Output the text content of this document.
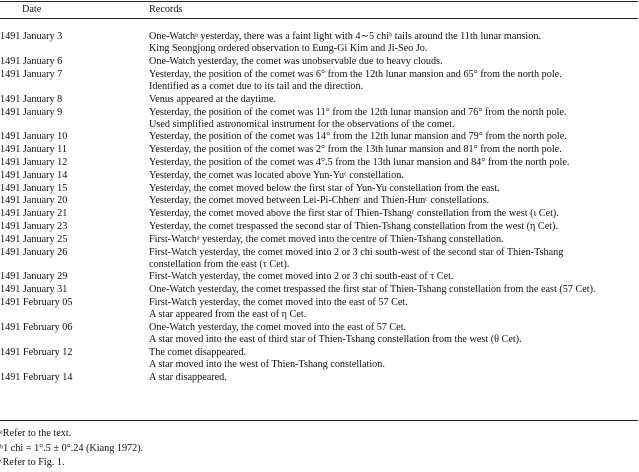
Date	Records
1491 January 3	One-Watchᵃ yesterday, there was a faint light with 4∼5 chiᵇ tails around the 11th lunar mansion.
King Seongjong ordered observation to Eung-Gi Kim and Ji-Seo Jo.
1491 January 6	One-Watch yesterday, the comet was unobservable due to heavy clouds.
1491 January 7	Yesterday, the position of the comet was 6° from the 12th lunar mansion and 65° from the north pole.
Identified as a comet due to its tail and the direction.
1491 January 8	Venus appeared at the daytime.
1491 January 9	Yesterday, the position of the comet was 11° from the 12th lunar mansion and 76° from the north pole.
Used simplified astronomical instrument for the observations of the comet.
1491 January 10	Yesterday, the position of the comet was 14° from the 12th lunar mansion and 79° from the north pole.
1491 January 11	Yesterday, the position of the comet was 2° from the 13th lunar mansion and 81° from the north pole.
1491 January 12	Yesterday, the position of the comet was 4°.5 from the 13th lunar mansion and 84° from the north pole.
1491 January 14	Yesterday, the comet was located above Yun-Yuᶜ constellation.
1491 January 15	Yesterday, the comet moved below the first star of Yun-Yu constellation from the east.
1491 January 20	Yesterday, the comet moved between Lei-Pi-Chhenᶜ and Thien-Hunᶜ constellations.
1491 January 21	Yesterday, the comet moved above the first star of Thien-Tshangᶜ constellation from the west (ι Cet).
1491 January 23	Yesterday, the comet trespassed the second star of Thien-Tshang constellation from the west (η Cet).
1491 January 25	First-Watchᵃ yesterday, the comet moved into the centre of Thien-Tshang constellation.
1491 January 26	First-Watch yesterday, the comet moved into 2 or 3 chi south-west of the second star of Thien-Tshang
constellation from the east (τ Cet).
1491 January 29	First-Watch yesterday, the comet moved into 2 or 3 chi south-east of τ Cet.
1491 January 31	One-Watch yesterday, the comet trespassed the first star of Thien-Tshang constellation from the east (57 Cet).
1491 February 05	First-Watch yesterday, the comet moved into the east of 57 Cet.
A star appeared from the east of η Cet.
1491 February 06	One-Watch yesterday, the comet moved into the east of 57 Cet.
A star moved into the east of third star of Thien-Tshang constellation from the west (θ Cet).
1491 February 12	The comet disappeared.
A star moved into the west of Thien-Tshang constellation.
1491 February 14	A star disappeared.
ᵃRefer to the text.
ᵇ1 chi = 1°.5 ± 0°.24 (Kiang 1972).
ᶜRefer to Fig. 1.
